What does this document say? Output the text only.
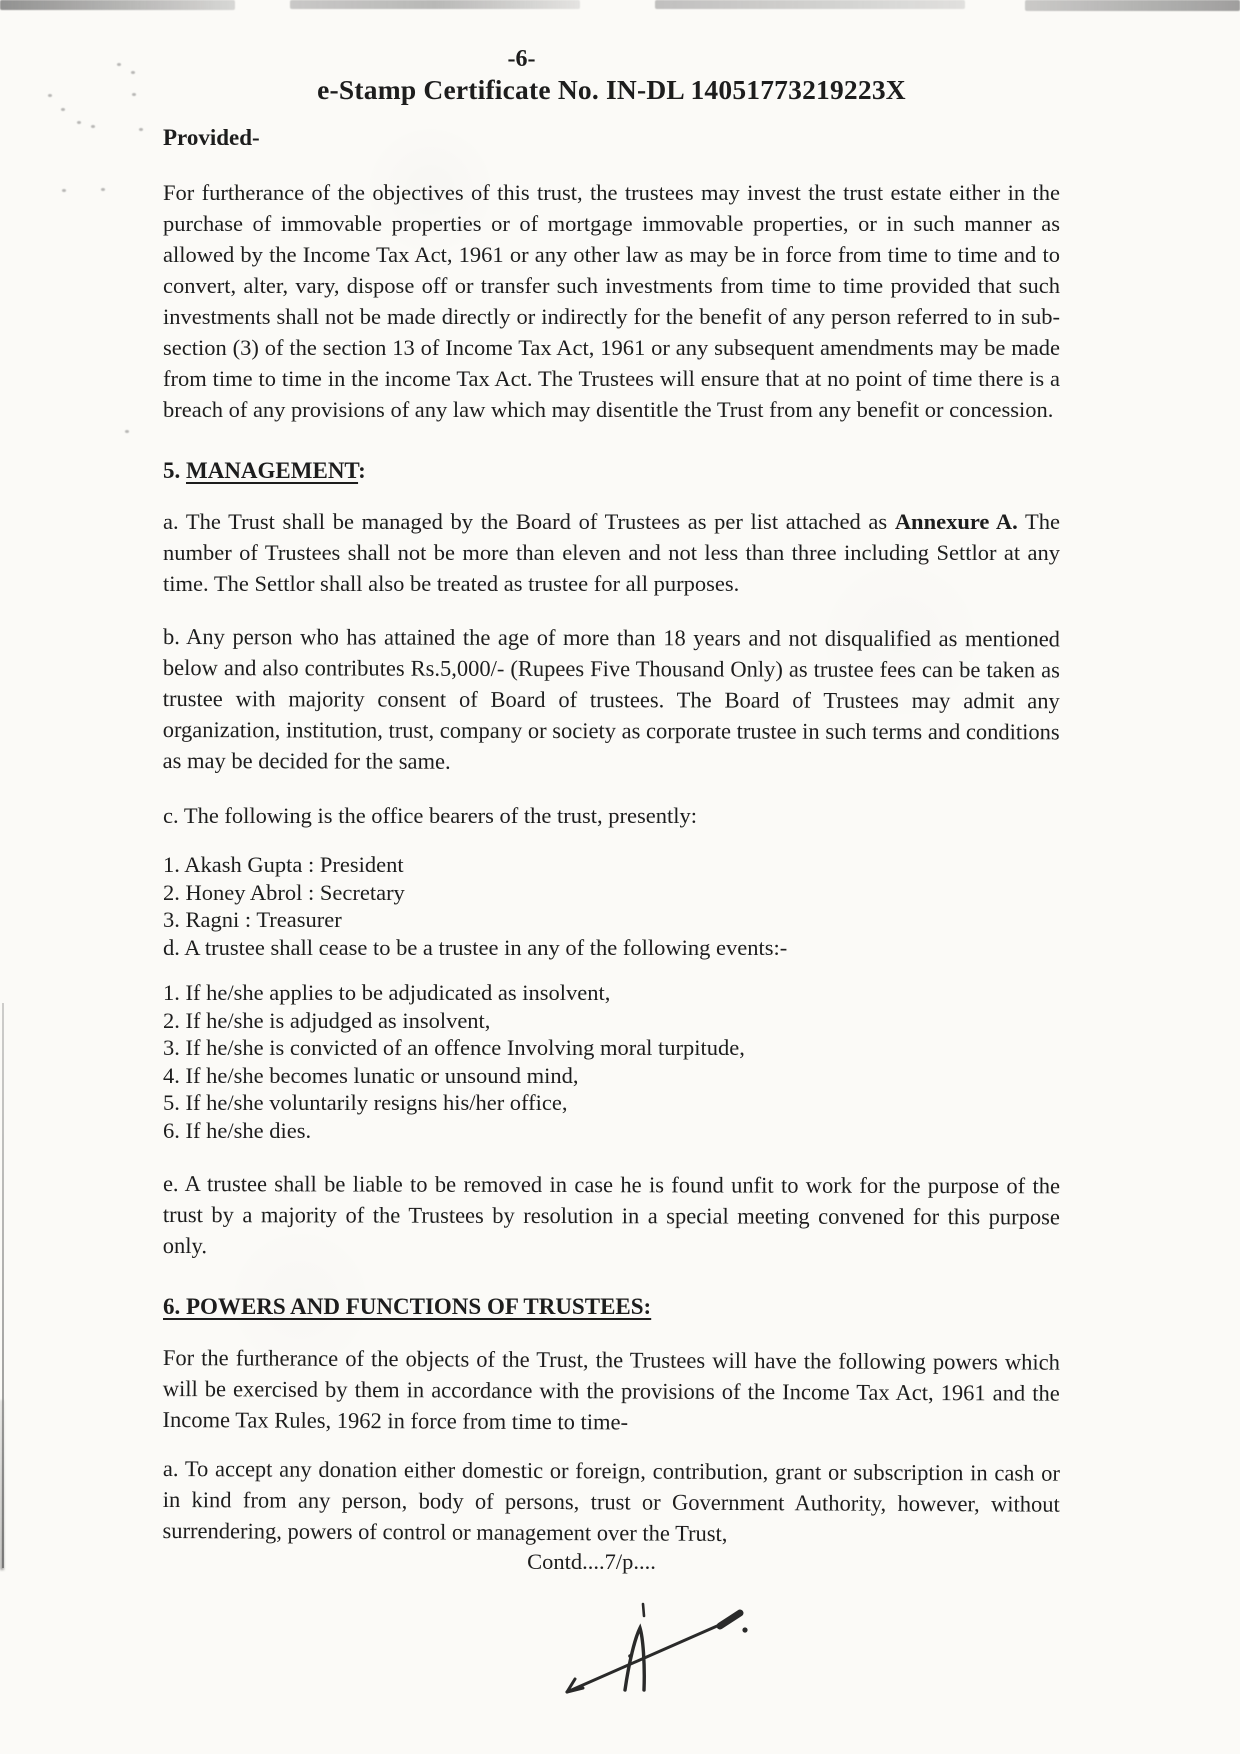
-6-
e-Stamp Certificate No. IN-DL 14051773219223X
Provided-

For furtherance of the objectives of this trust, the trustees may invest the trust estate either in the purchase of immovable properties or of mortgage immovable properties, or in such manner as allowed by the Income Tax Act, 1961 or any other law as may be in force from time to time and to convert, alter, vary, dispose off or transfer such investments from time to time provided that such investments shall not be made directly or indirectly for the benefit of any person referred to in sub-section (3) of the section 13 of Income Tax Act, 1961 or any subsequent amendments may be made from time to time in the income Tax Act. The Trustees will ensure that at no point of time there is a breach of any provisions of any law which may disentitle the Trust from any benefit or concession.

5. MANAGEMENT:

a. The Trust shall be managed by the Board of Trustees as per list attached as Annexure A. The number of Trustees shall not be more than eleven and not less than three including Settlor at any time. The Settlor shall also be treated as trustee for all purposes.

b. Any person who has attained the age of more than 18 years and not disqualified as mentioned below and also contributes Rs.5,000/- (Rupees Five Thousand Only) as trustee fees can be taken as trustee with majority consent of Board of trustees. The Board of Trustees may admit any organization, institution, trust, company or society as corporate trustee in such terms and conditions as may be decided for the same.

c. The following is the office bearers of the trust, presently:

1. Akash Gupta : President
2. Honey Abrol : Secretary
3. Ragni : Treasurer
d. A trustee shall cease to be a trustee in any of the following events:-
1. If he/she applies to be adjudicated as insolvent,
2. If he/she is adjudged as insolvent,
3. If he/she is convicted of an offence Involving moral turpitude,
4. If he/she becomes lunatic or unsound mind,
5. If he/she voluntarily resigns his/her office,
6. If he/she dies.

e. A trustee shall be liable to be removed in case he is found unfit to work for the purpose of the trust by a majority of the Trustees by resolution in a special meeting convened for this purpose only.

6. POWERS AND FUNCTIONS OF TRUSTEES:

For the furtherance of the objects of the Trust, the Trustees will have the following powers which will be exercised by them in accordance with the provisions of the Income Tax Act, 1961 and the Income Tax Rules, 1962 in force from time to time-

a. To accept any donation either domestic or foreign, contribution, grant or subscription in cash or in kind from any person, body of persons, trust or Government Authority, however, without surrendering, powers of control or management over the Trust,

Contd....7/p....
